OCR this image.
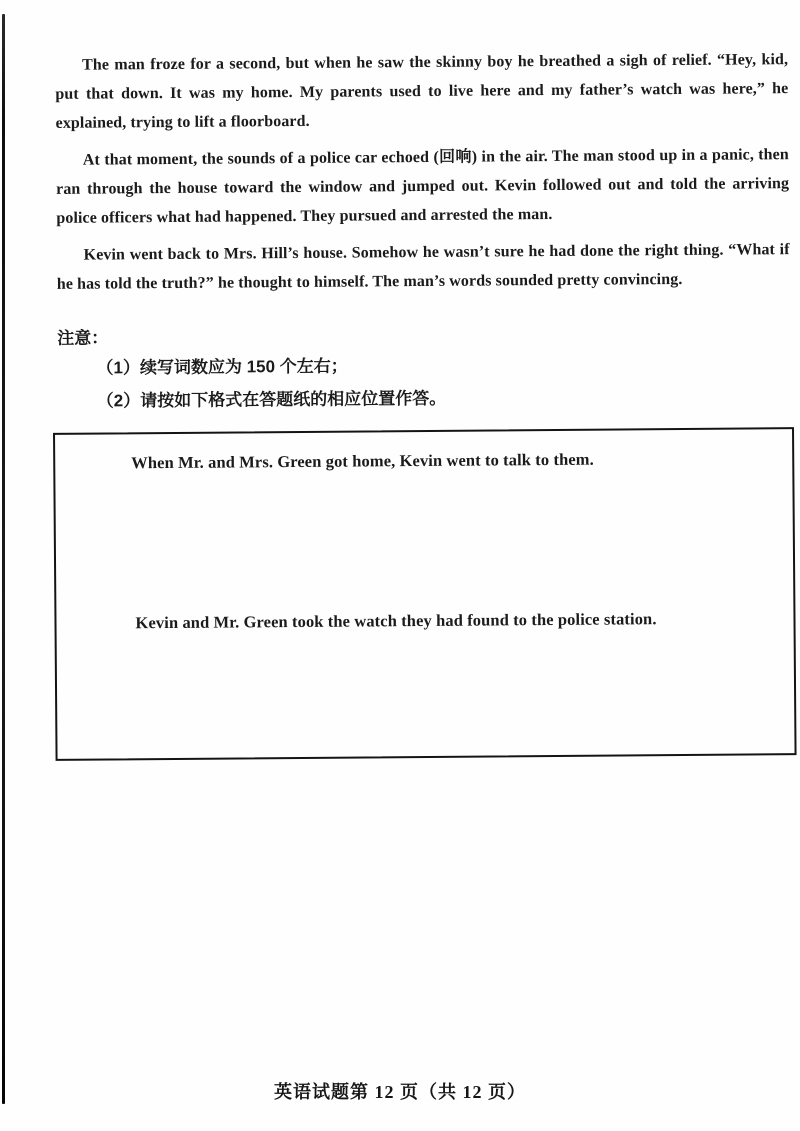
The man froze for a second, but when he saw the skinny boy he breathed a sigh of relief. “Hey, kid, put that down. It was my home. My parents used to live here and my father’s watch was here,” he explained, trying to lift a floorboard.

At that moment, the sounds of a police car echoed (回响) in the air. The man stood up in a panic, then ran through the house toward the window and jumped out. Kevin followed out and told the arriving police officers what had happened. They pursued and arrested the man.

Kevin went back to Mrs. Hill’s house. Somehow he wasn’t sure he had done the right thing. “What if he has told the truth?” he thought to himself. The man’s words sounded pretty convincing.

注意：
（1）续写词数应为 150 个左右；
（2）请按如下格式在答题纸的相应位置作答。

When Mr. and Mrs. Green got home, Kevin went to talk to them.

Kevin and Mr. Green took the watch they had found to the police station.

英语试题第 12 页（共 12 页）
